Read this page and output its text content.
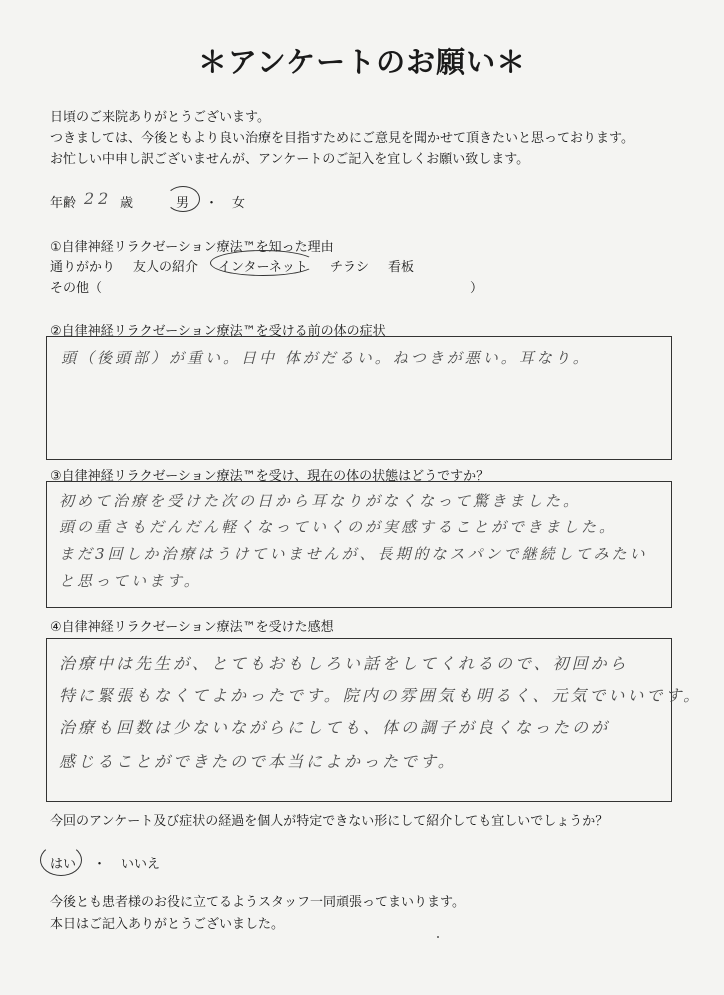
＊アンケートのお願い＊
日頃のご来院ありがとうございます。
つきましては、今後ともより良い治療を目指すためにご意見を聞かせて頂きたいと思っております。
お忙しい中申し訳ございませんが、アンケートのご記入を宜しくお願い致します。
年齢 22 歳	男 ・ 女
①自律神経リラクゼーション療法™を知った理由
通りがかり 友人の紹介 インターネット チラシ 看板
その他（	）
②自律神経リラクゼーション療法™を受ける前の体の症状
頭（後頭部）が重い。日中 体がだるい。ねつきが悪い。耳なり。
③自律神経リラクゼーション療法™を受け、現在の体の状態はどうですか？
初めて治療を受けた次の日から耳なりがなくなって驚きました。
頭の重さもだんだん軽くなっていくのが実感することができました。
まだ3回しか治療はうけていませんが、長期的なスパンで継続してみたい
と思っています。
④自律神経リラクゼーション療法™を受けた感想
治療中は先生が、とてもおもしろい話をしてくれるので、初回から
特に緊張もなくてよかったです。院内の雰囲気も明るく、元気でいいです。
治療も回数は少ないながらにしても、体の調子が良くなったのが
感じることができたので本当によかったです。
今回のアンケート及び症状の経過を個人が特定できない形にして紹介しても宜しいでしょうか？
はい ・ いいえ
今後とも患者様のお役に立てるようスタッフ一同頑張ってまいります。
本日はご記入ありがとうございました。
